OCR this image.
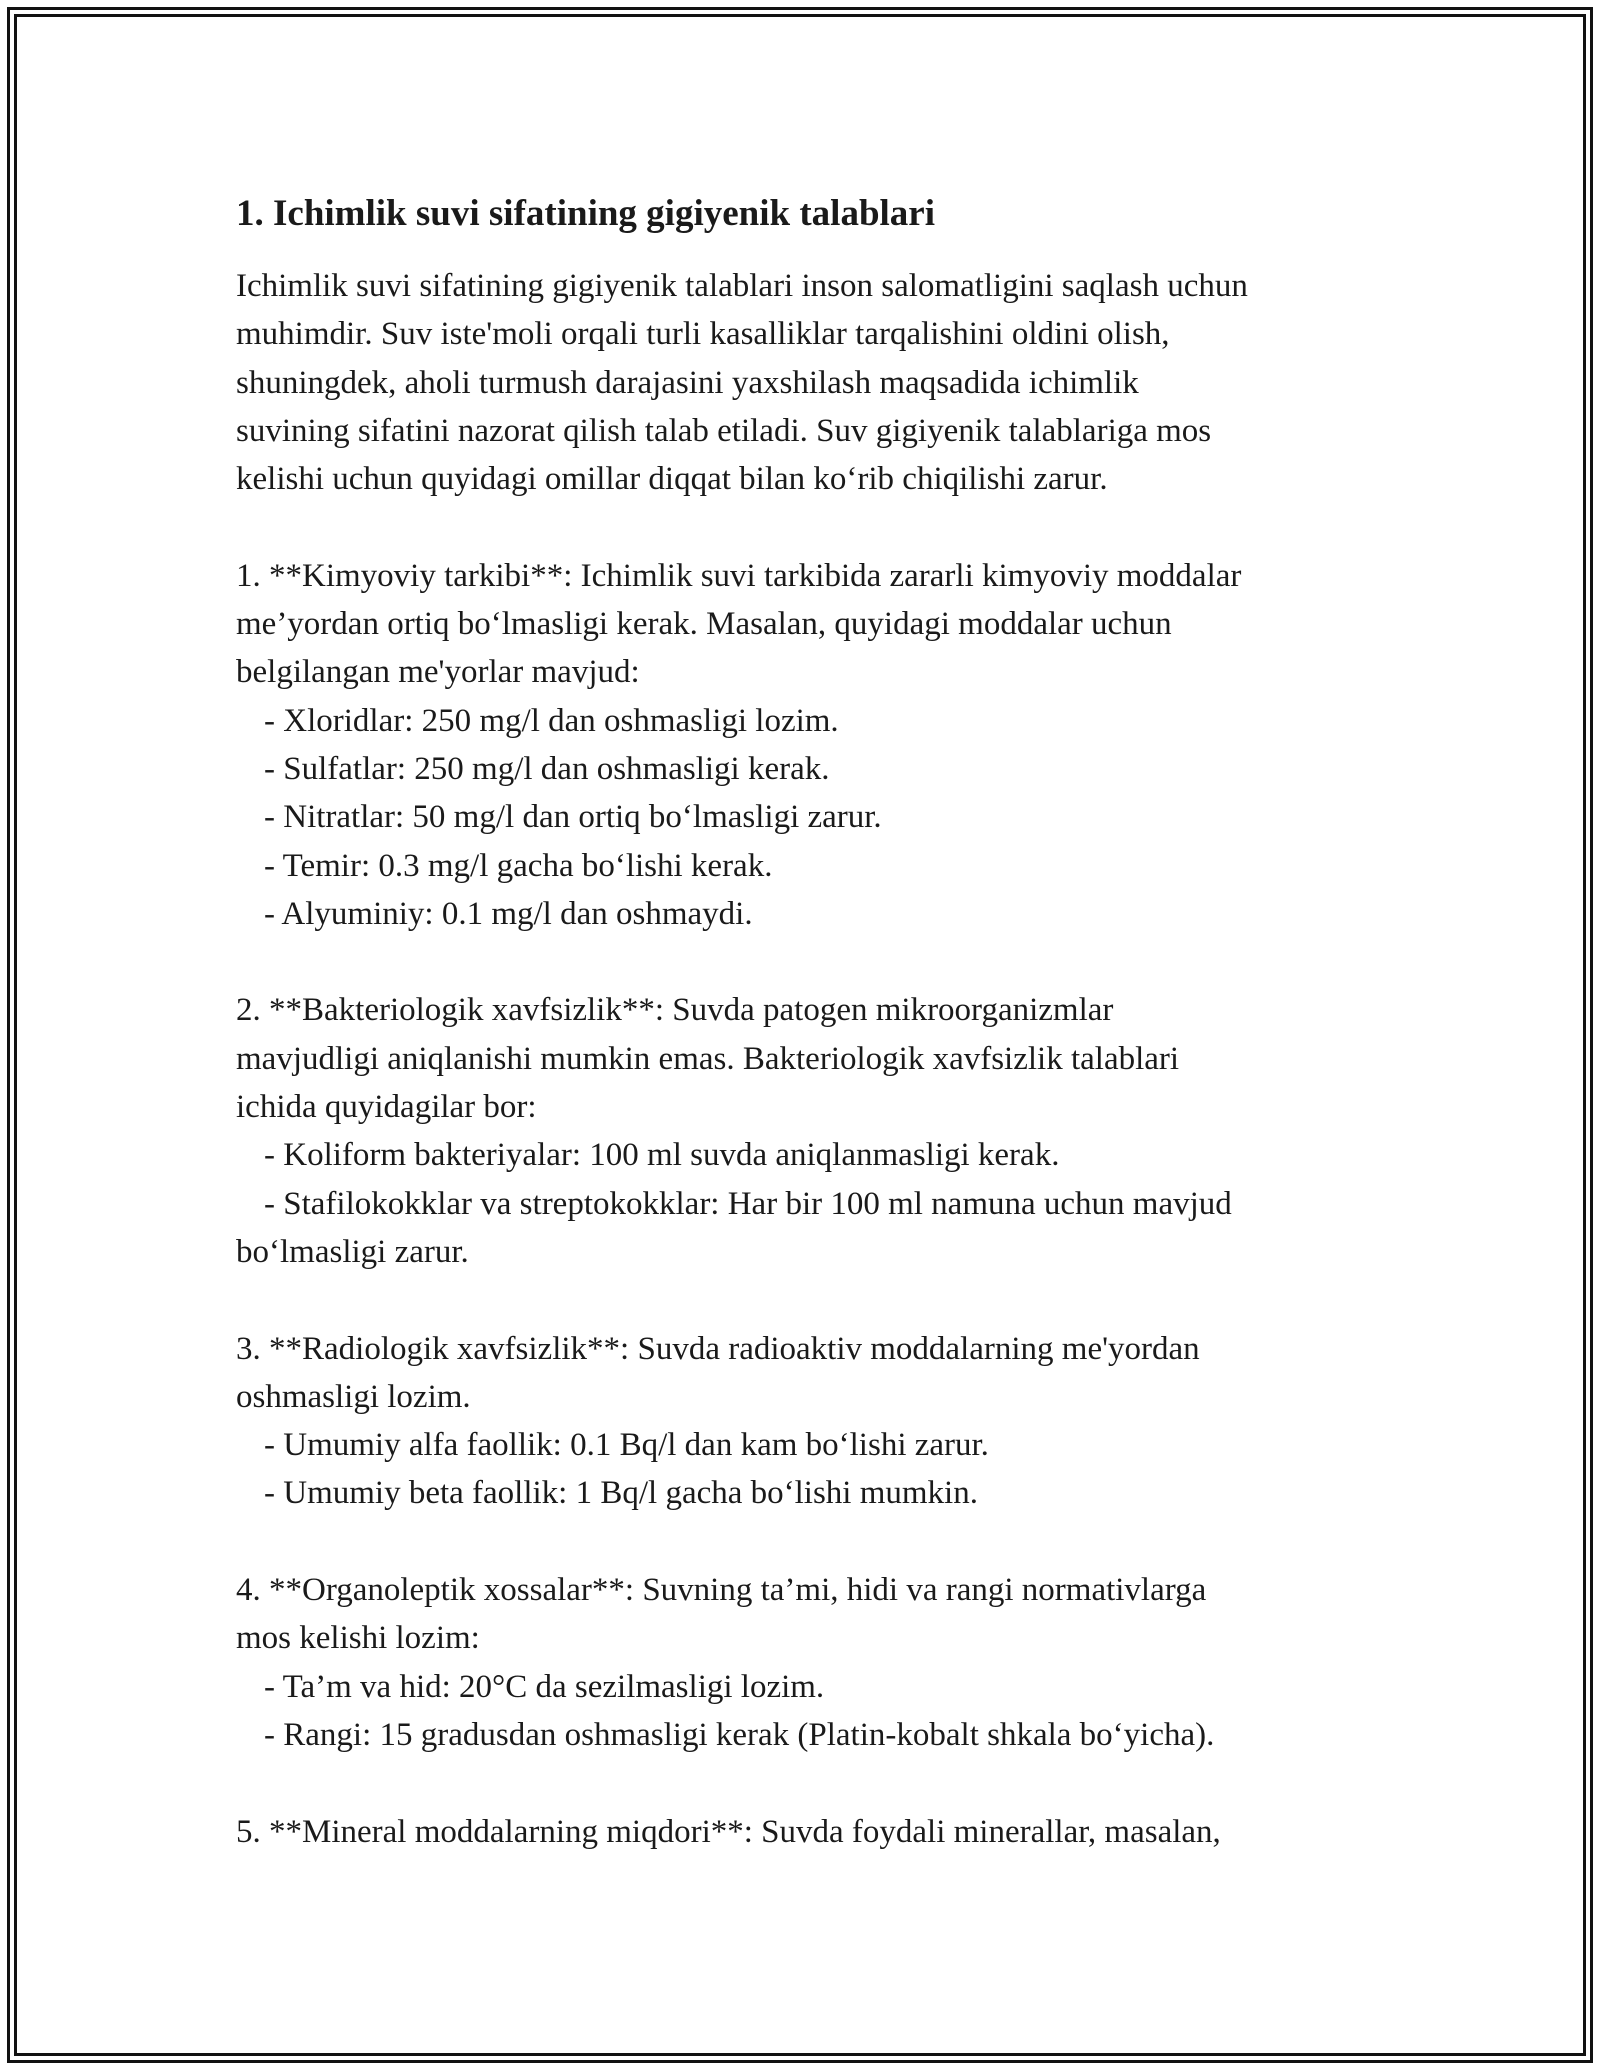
1. Ichimlik suvi sifatining gigiyenik talablari
Ichimlik suvi sifatining gigiyenik talablari inson salomatligini saqlash uchun
muhimdir. Suv iste'moli orqali turli kasalliklar tarqalishini oldini olish,
shuningdek, aholi turmush darajasini yaxshilash maqsadida ichimlik
suvining sifatini nazorat qilish talab etiladi. Suv gigiyenik talablariga mos
kelishi uchun quyidagi omillar diqqat bilan ko‘rib chiqilishi zarur.
1. **Kimyoviy tarkibi**: Ichimlik suvi tarkibida zararli kimyoviy moddalar
me’yordan ortiq bo‘lmasligi kerak. Masalan, quyidagi moddalar uchun
belgilangan me'yorlar mavjud:
- Xloridlar: 250 mg/l dan oshmasligi lozim.
- Sulfatlar: 250 mg/l dan oshmasligi kerak.
- Nitratlar: 50 mg/l dan ortiq bo‘lmasligi zarur.
- Temir: 0.3 mg/l gacha bo‘lishi kerak.
- Alyuminiy: 0.1 mg/l dan oshmaydi.
2. **Bakteriologik xavfsizlik**: Suvda patogen mikroorganizmlar
mavjudligi aniqlanishi mumkin emas. Bakteriologik xavfsizlik talablari
ichida quyidagilar bor:
- Koliform bakteriyalar: 100 ml suvda aniqlanmasligi kerak.
- Stafilokokklar va streptokokklar: Har bir 100 ml namuna uchun mavjud
bo‘lmasligi zarur.
3. **Radiologik xavfsizlik**: Suvda radioaktiv moddalarning me'yordan
oshmasligi lozim.
- Umumiy alfa faollik: 0.1 Bq/l dan kam bo‘lishi zarur.
- Umumiy beta faollik: 1 Bq/l gacha bo‘lishi mumkin.
4. **Organoleptik xossalar**: Suvning ta’mi, hidi va rangi normativlarga
mos kelishi lozim:
- Ta’m va hid: 20°C da sezilmasligi lozim.
- Rangi: 15 gradusdan oshmasligi kerak (Platin-kobalt shkala bo‘yicha).
5. **Mineral moddalarning miqdori**: Suvda foydali minerallar, masalan,
